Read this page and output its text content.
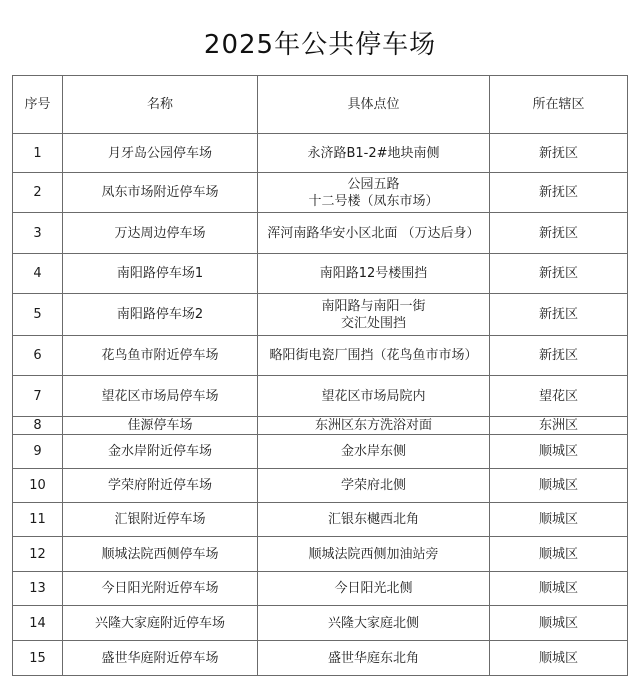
2025年公共停车场
序号	名称	具体点位	所在辖区
1	月牙岛公园停车场	永济路B1-2#地块南侧	新抚区
2	凤东市场附近停车场	公园五路
十二号楼（凤东市场）	新抚区
3	万达周边停车场	浑河南路华安小区北面 （万达后身）	新抚区
4	南阳路停车场1	南阳路12号楼围挡	新抚区
5	南阳路停车场2	南阳路与南阳一街
交汇处围挡	新抚区
6	花鸟鱼市附近停车场	略阳街电瓷厂围挡（花鸟鱼市市场）	新抚区
7	望花区市场局停车场	望花区市场局院内	望花区
8	佳源停车场	东洲区东方洗浴对面	东洲区
9	金水岸附近停车场	金水岸东侧	顺城区
10	学荣府附近停车场	学荣府北侧	顺城区
11	汇银附近停车场	汇银东樾西北角	顺城区
12	顺城法院西侧停车场	顺城法院西侧加油站旁	顺城区
13	今日阳光附近停车场	今日阳光北侧	顺城区
14	兴隆大家庭附近停车场	兴隆大家庭北侧	顺城区
15	盛世华庭附近停车场	盛世华庭东北角	顺城区
